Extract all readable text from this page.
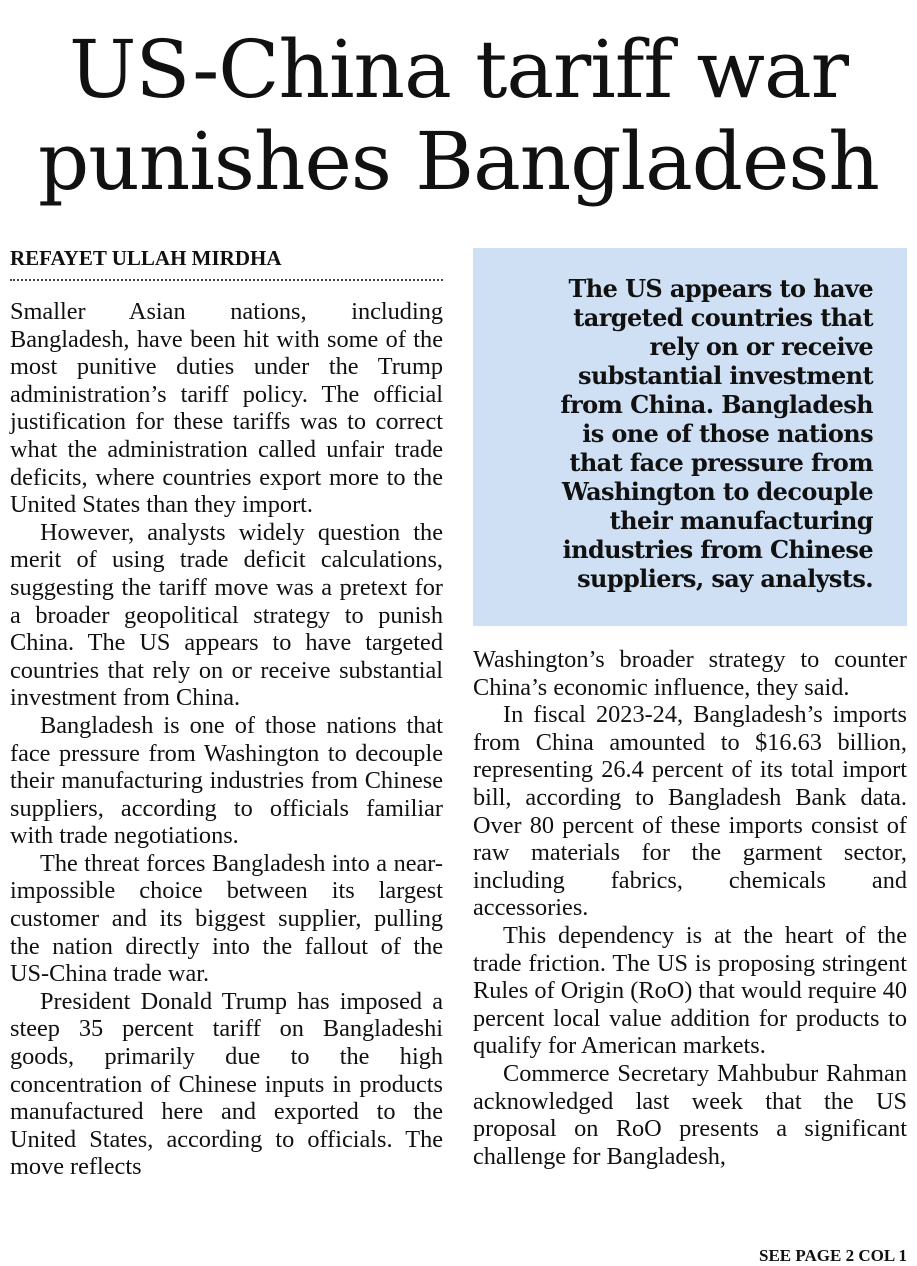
US-China tariff war
punishes Bangladesh
REFAYET ULLAH MIRDHA

Smaller Asian nations, including Bangladesh, have been hit with some of the most punitive duties under the Trump administration’s tariff policy. The official justification for these tariffs was to correct what the administration called unfair trade deficits, where countries export more to the United States than they import.

However, analysts widely question the merit of using trade deficit calculations, suggesting the tariff move was a pretext for a broader geopolitical strategy to punish China. The US appears to have targeted countries that rely on or receive substantial investment from China.

Bangladesh is one of those nations that face pressure from Washington to decouple their manufacturing industries from Chinese suppliers, according to officials familiar with trade negotiations.

The threat forces Bangladesh into a near-impossible choice between its largest customer and its biggest supplier, pulling the nation directly into the fallout of the US-China trade war.

President Donald Trump has imposed a steep 35 percent tariff on Bangladeshi goods, primarily due to the high concentration of Chinese inputs in products manufactured here and exported to the United States, according to officials. The move reflects

The US appears to have targeted countries that rely on or receive substantial investment from China. Bangladesh is one of those nations that face pressure from Washington to decouple their manufacturing industries from Chinese suppliers, say analysts.

Washington’s broader strategy to counter China’s economic influence, they said.

In fiscal 2023-24, Bangladesh’s imports from China amounted to $16.63 billion, representing 26.4 percent of its total import bill, according to Bangladesh Bank data. Over 80 percent of these imports consist of raw materials for the garment sector, including fabrics, chemicals and accessories.

This dependency is at the heart of the trade friction. The US is proposing stringent Rules of Origin (RoO) that would require 40 percent local value addition for products to qualify for American markets.

Commerce Secretary Mahbubur Rahman acknowledged last week that the US proposal on RoO presents a significant challenge for Bangladesh,

SEE PAGE 2 COL 1
